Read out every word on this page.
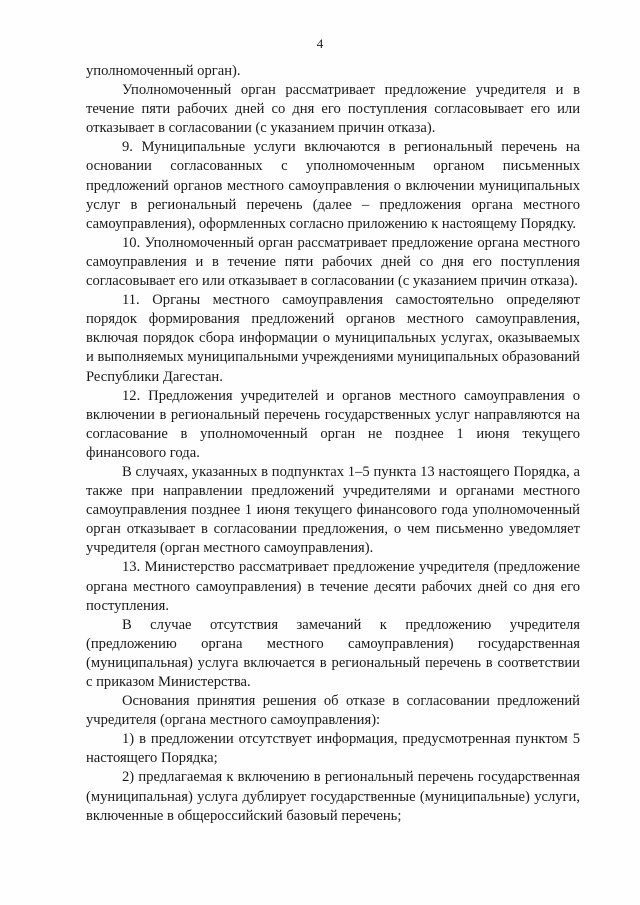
4

уполномоченный орган).

Уполномоченный орган рассматривает предложение учредителя и в течение пяти рабочих дней со дня его поступления согласовывает его или отказывает в согласовании (с указанием причин отказа).

9. Муниципальные услуги включаются в региональный перечень на основании согласованных с уполномоченным органом письменных предложений органов местного самоуправления о включении муниципальных услуг в региональный перечень (далее – предложения органа местного самоуправления), оформленных согласно приложению к настоящему Порядку.

10. Уполномоченный орган рассматривает предложение органа местного самоуправления и в течение пяти рабочих дней со дня его поступления согласовывает его или отказывает в согласовании (с указанием причин отказа).

11. Органы местного самоуправления самостоятельно определяют порядок формирования предложений органов местного самоуправления, включая порядок сбора информации о муниципальных услугах, оказываемых и выполняемых муниципальными учреждениями муниципальных образований Республики Дагестан.

12. Предложения учредителей и органов местного самоуправления о включении в региональный перечень государственных услуг направляются на согласование в уполномоченный орган не позднее 1 июня текущего финансового года.

В случаях, указанных в подпунктах 1–5 пункта 13 настоящего Порядка, а также при направлении предложений учредителями и органами местного самоуправления позднее 1 июня текущего финансового года уполномоченный орган отказывает в согласовании предложения, о чем письменно уведомляет учредителя (орган местного самоуправления).

13. Министерство рассматривает предложение учредителя (предложение органа местного самоуправления) в течение десяти рабочих дней со дня его поступления.

В случае отсутствия замечаний к предложению учредителя (предложению органа местного самоуправления) государственная (муниципальная) услуга включается в региональный перечень в соответствии с приказом Министерства.

Основания принятия решения об отказе в согласовании предложений учредителя (органа местного самоуправления):

1) в предложении отсутствует информация, предусмотренная пунктом 5 настоящего Порядка;

2) предлагаемая к включению в региональный перечень государственная (муниципальная) услуга дублирует государственные (муниципальные) услуги, включенные в общероссийский базовый перечень;
